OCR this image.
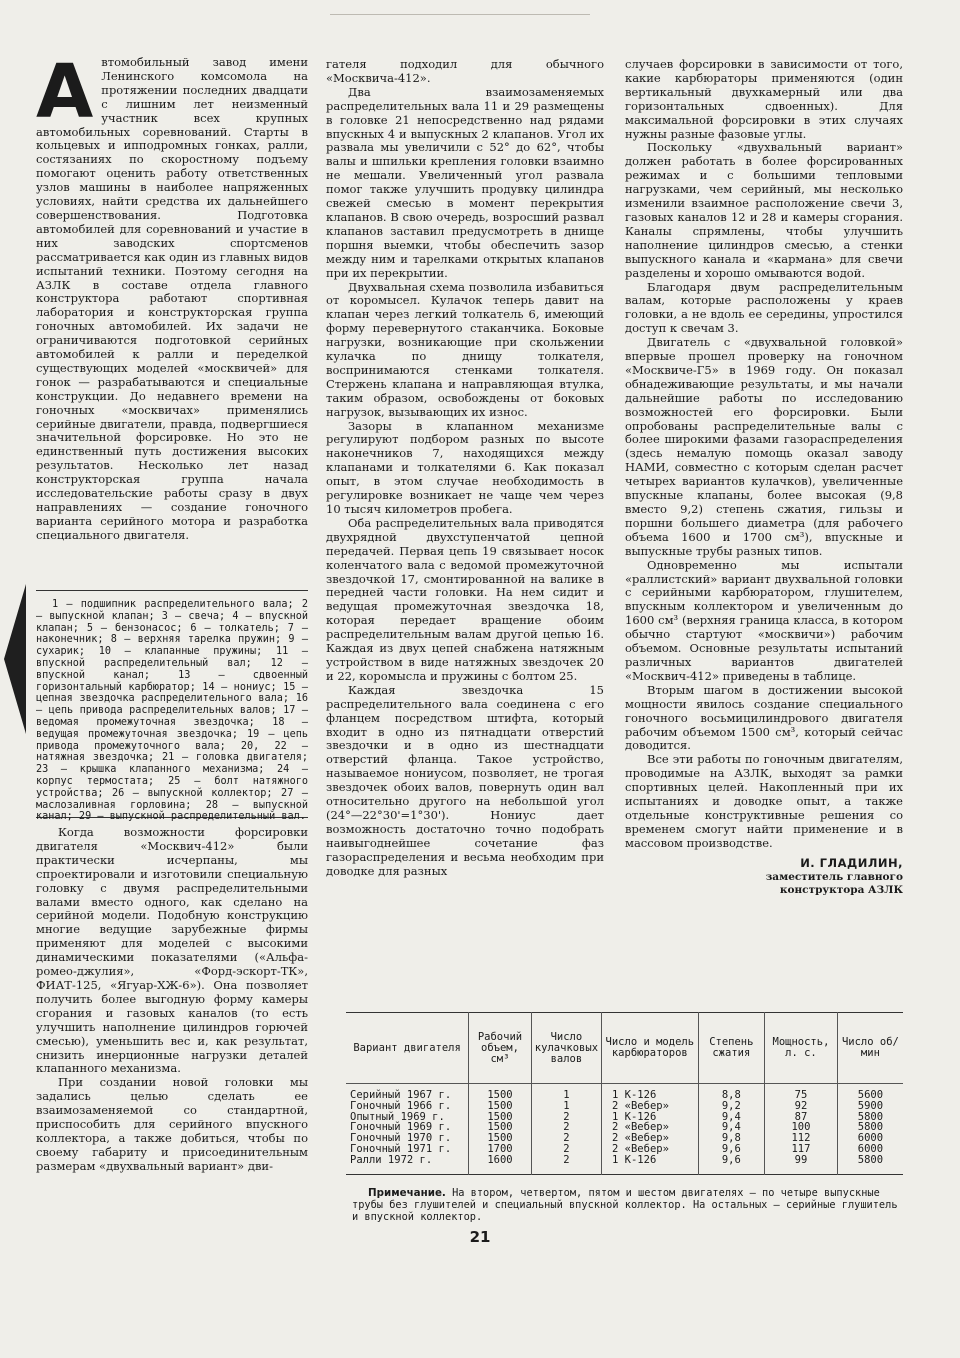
А втомобильный завод имени Ленинского комсомола на протяжении последних двадцати с лишним лет неизменный участник всех крупных автомобильных соревнований. Старты в кольцевых и ипподромных гонках, ралли, состязаниях по скоростному подъему помогают оценить работу ответственных узлов машины в наиболее напряженных условиях, найти средства их дальнейшего совершенствования. Подготовка автомобилей для соревнований и участие в них заводских спортсменов рассматривается как один из главных видов испытаний техники. Поэтому сегодня на АЗЛК в составе отдела главного конструктора работают спортивная лаборатория и конструкторская группа гоночных автомобилей. Их задачи не ограничиваются подготовкой серийных автомобилей к ралли и переделкой существующих моделей «москвичей» для гонок — разрабатываются и специальные конструкции. До недавнего времени на гоночных «москвичах» применялись серийные двигатели, правда, подвергшиеся значительной форсировке. Но это не единственный путь достижения высоких результатов. Несколько лет назад конструкторская группа начала исследовательские работы сразу в двух направлениях — создание гоночного варианта серийного мотора и разработка специального двигателя.

1 — подшипник распределительного вала; 2 — выпускной клапан; 3 — свеча; 4 — впускной клапан; 5 — бензонасос; 6 — толкатель; 7 — наконечник; 8 — верхняя тарелка пружин; 9 — сухарик; 10 — клапанные пружины; 11 — впускной распределительный вал; 12 — впускной канал; 13 — сдвоенный горизонтальный карбюратор; 14 — нониус; 15 — цепная звездочка распределительного вала; 16 — цепь привода распределительных валов; 17 — ведомая промежуточная звездочка; 18 — ведущая промежуточная звездочка; 19 — цепь привода промежуточного вала; 20, 22 — натяжная звездочка; 21 — головка двигателя; 23 — крышка клапанного механизма; 24 — корпус термостата; 25 — болт натяжного устройства; 26 — выпускной коллектор; 27 — маслозаливная горловина; 28 — выпускной канал; 29 — выпускной распределительный вал.

Когда возможности форсировки двигателя «Москвич-412» были практически исчерпаны, мы спроектировали и изготовили специальную головку с двумя распределительными валами вместо одного, как сделано на серийной модели. Подобную конструкцию многие ведущие зарубежные фирмы применяют для моделей с высокими динамическими показателями («Альфа-ромео-джулия», «Форд-эскорт-ТК», ФИАТ-125, «Ягуар-ХЖ-6»). Она позволяет получить более выгодную форму камеры сгорания и газовых каналов (то есть улучшить наполнение цилиндров горючей смесью), уменьшить вес и, как результат, снизить инерционные нагрузки деталей клапанного механизма.

При создании новой головки мы задались целью сделать ее взаимозаменяемой со стандартной, приспособить для серийного впускного коллектора, а также добиться, чтобы по своему габариту и присоединительным размерам «двухвальный вариант» дви-

гателя подходил для обычного «Москвича-412».

Два взаимозаменяемых распределительных вала 11 и 29 размещены в головке 21 непосредственно над рядами впускных 4 и выпускных 2 клапанов. Угол их развала мы увеличили с 52° до 62°, чтобы валы и шпильки крепления головки взаимно не мешали. Увеличенный угол развала помог также улучшить продувку цилиндра свежей смесью в момент перекрытия клапанов. В свою очередь, возросший развал клапанов заставил предусмотреть в днище поршня выемки, чтобы обеспечить зазор между ним и тарелками открытых клапанов при их перекрытии.

Двухвальная схема позволила избавиться от коромысел. Кулачок теперь давит на клапан через легкий толкатель 6, имеющий форму перевернутого стаканчика. Боковые нагрузки, возникающие при скольжении кулачка по днищу толкателя, воспринимаются стенками толкателя. Стержень клапана и направляющая втулка, таким образом, освобождены от боковых нагрузок, вызывающих их износ.

Зазоры в клапанном механизме регулируют подбором разных по высоте наконечников 7, находящихся между клапанами и толкателями 6. Как показал опыт, в этом случае необходимость в регулировке возникает не чаще чем через 10 тысяч километров пробега.

Оба распределительных вала приводятся двухрядной двухступенчатой цепной передачей. Первая цепь 19 связывает носок коленчатого вала с ведомой промежуточной звездочкой 17, смонтированной на валике в передней части головки. На нем сидит и ведущая промежуточная звездочка 18, которая передает вращение обоим распределительным валам другой цепью 16. Каждая из двух цепей снабжена натяжным устройством в виде натяжных звездочек 20 и 22, коромысла и пружины с болтом 25.

Каждая звездочка 15 распределительного вала соединена с его фланцем посредством штифта, который входит в одно из пятнадцати отверстий звездочки и в одно из шестнадцати отверстий фланца. Такое устройство, называемое нониусом, позволяет, не трогая звездочек обоих валов, повернуть один вал относительно другого на небольшой угол (24°—22°30'=1°30'). Нониус дает возможность достаточно точно подобрать наивыгоднейшее сочетание фаз газораспределения и весьма необходим при доводке для разных

случаев форсировки в зависимости от того, какие карбюраторы применяются (один вертикальный двухкамерный или два горизонтальных сдвоенных). Для максимальной форсировки в этих случаях нужны разные фазовые углы.

Поскольку «двухвальный вариант» должен работать в более форсированных режимах и с большими тепловыми нагрузками, чем серийный, мы несколько изменили взаимное расположение свечи 3, газовых каналов 12 и 28 и камеры сгорания. Каналы спрямлены, чтобы улучшить наполнение цилиндров смесью, а стенки выпускного канала и «кармана» для свечи разделены и хорошо омываются водой.

Благодаря двум распределительным валам, которые расположены у краев головки, а не вдоль ее середины, упростился доступ к свечам 3.

Двигатель с «двухвальной головкой» впервые прошел проверку на гоночном «Москвиче-Г5» в 1969 году. Он показал обнадеживающие результаты, и мы начали дальнейшие работы по исследованию возможностей его форсировки. Были опробованы распределительные валы с более широкими фазами газораспределения (здесь немалую помощь оказал заводу НАМИ, совместно с которым сделан расчет четырех вариантов кулачков), увеличенные впускные клапаны, более высокая (9,8 вместо 9,2) степень сжатия, гильзы и поршни большего диаметра (для рабочего объема 1600 и 1700 см³), впускные и выпускные трубы разных типов.

Одновременно мы испытали «раллистский» вариант двухвальной головки с серийными карбюратором, глушителем, впускным коллектором и увеличенным до 1600 см³ (верхняя граница класса, в котором обычно стартуют «москвичи») рабочим объемом. Основные результаты испытаний различных вариантов двигателей «Москвич-412» приведены в таблице.

Вторым шагом в достижении высокой мощности явилось создание специального гоночного восьмицилиндрового двигателя рабочим объемом 1500 см³, который сейчас доводится.

Все эти работы по гоночным двигателям, проводимые на АЗЛК, выходят за рамки спортивных целей. Накопленный при их испытаниях и доводке опыт, а также отдельные конструктивные решения со временем смогут найти применение и в массовом производстве.

И. ГЛАДИЛИН,
заместитель главного
конструктора АЗЛК
Вариант двигателя	Рабочий объем, см³	Число кулачковых валов	Число и модель карбюраторов	Степень сжатия	Мощность, л. с.	Число об/мин
Серийный 1967 г.	1500	1	1 К-126	8,8	75	5600
Гоночный 1966 г.	1500	1	2 «Вебер»	9,2	92	5900
Опытный 1969 г.	1500	2	1 К-126	9,4	87	5800
Гоночный 1969 г.	1500	2	2 «Вебер»	9,4	100	5800
Гоночный 1970 г.	1500	2	2 «Вебер»	9,8	112	6000
Гоночный 1971 г.	1700	2	2 «Вебер»	9,6	117	6000
Ралли 1972 г.	1600	2	1 К-126	9,6	99	5800
Примечание. На втором, четвертом, пятом и шестом двигателях — по четыре выпускные трубы без глушителей и специальный впускной коллектор. На остальных — серийные глушитель и впускной коллектор.
21
